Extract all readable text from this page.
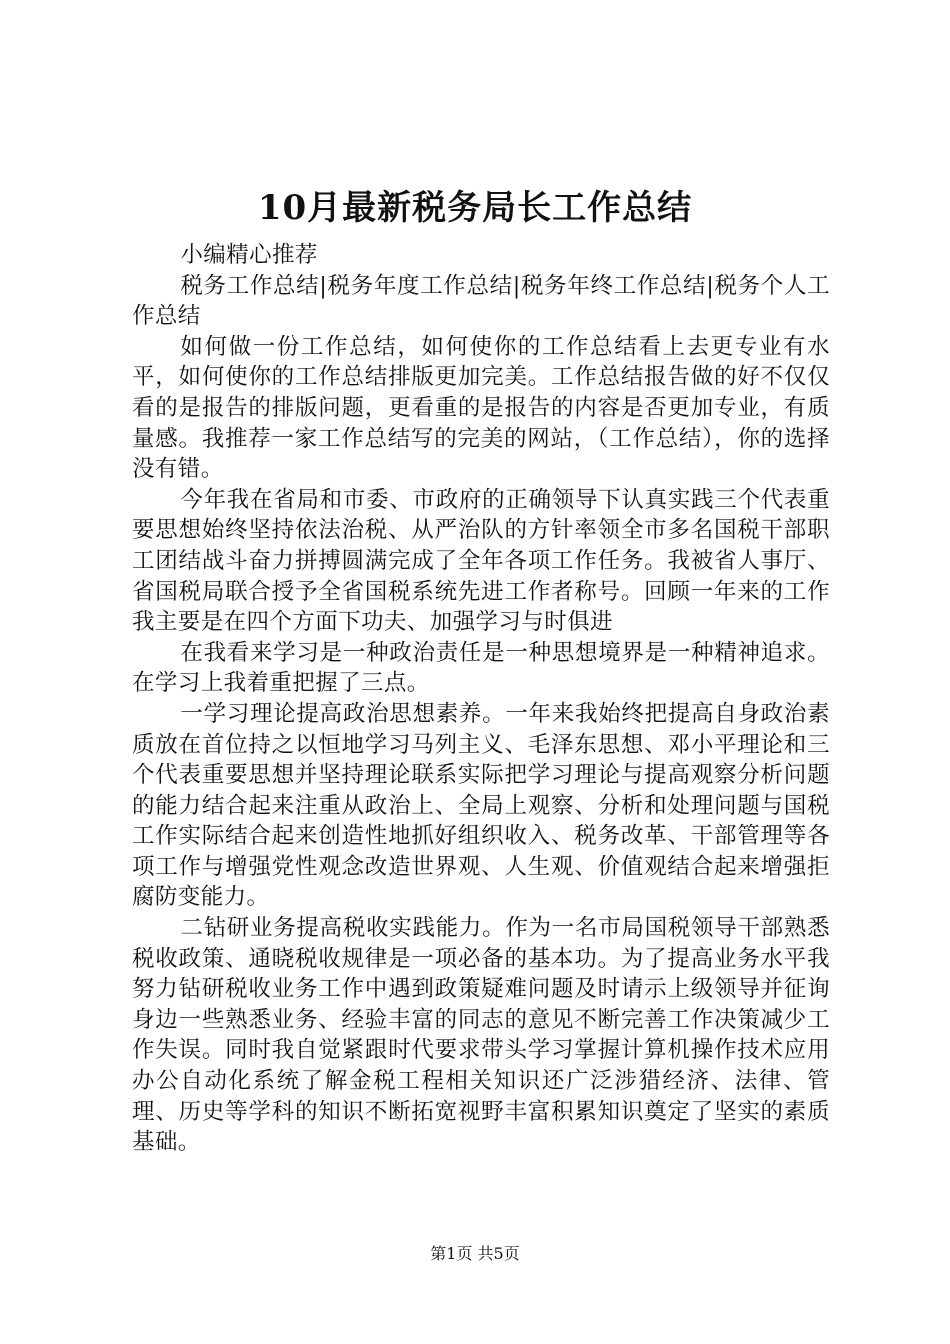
10月最新税务局长工作总结

小编精心推荐

税务工作总结|税务年度工作总结|税务年终工作总结|税务个人工作总结

如何做一份工作总结，如何使你的工作总结看上去更专业有水平，如何使你的工作总结排版更加完美。工作总结报告做的好不仅仅看的是报告的排版问题，更看重的是报告的内容是否更加专业，有质量感。我推荐一家工作总结写的完美的网站，（工作总结），你的选择没有错。

今年我在省局和市委、市政府的正确领导下认真实践三个代表重要思想始终坚持依法治税、从严治队的方针率领全市多名国税干部职工团结战斗奋力拼搏圆满完成了全年各项工作任务。我被省人事厅、省国税局联合授予全省国税系统先进工作者称号。回顾一年来的工作我主要是在四个方面下功夫、加强学习与时俱进

在我看来学习是一种政治责任是一种思想境界是一种精神追求。在学习上我着重把握了三点。

一学习理论提高政治思想素养。一年来我始终把提高自身政治素质放在首位持之以恒地学习马列主义、毛泽东思想、邓小平理论和三个代表重要思想并坚持理论联系实际把学习理论与提高观察分析问题的能力结合起来注重从政治上、全局上观察、分析和处理问题与国税工作实际结合起来创造性地抓好组织收入、税务改革、干部管理等各项工作与增强党性观念改造世界观、人生观、价值观结合起来增强拒腐防变能力。

二钻研业务提高税收实践能力。作为一名市局国税领导干部熟悉税收政策、通晓税收规律是一项必备的基本功。为了提高业务水平我努力钻研税收业务工作中遇到政策疑难问题及时请示上级领导并征询身边一些熟悉业务、经验丰富的同志的意见不断完善工作决策减少工作失误。同时我自觉紧跟时代要求带头学习掌握计算机操作技术应用办公自动化系统了解金税工程相关知识还广泛涉猎经济、法律、管理、历史等学科的知识不断拓宽视野丰富积累知识奠定了坚实的素质基础。

第1页 共5页
